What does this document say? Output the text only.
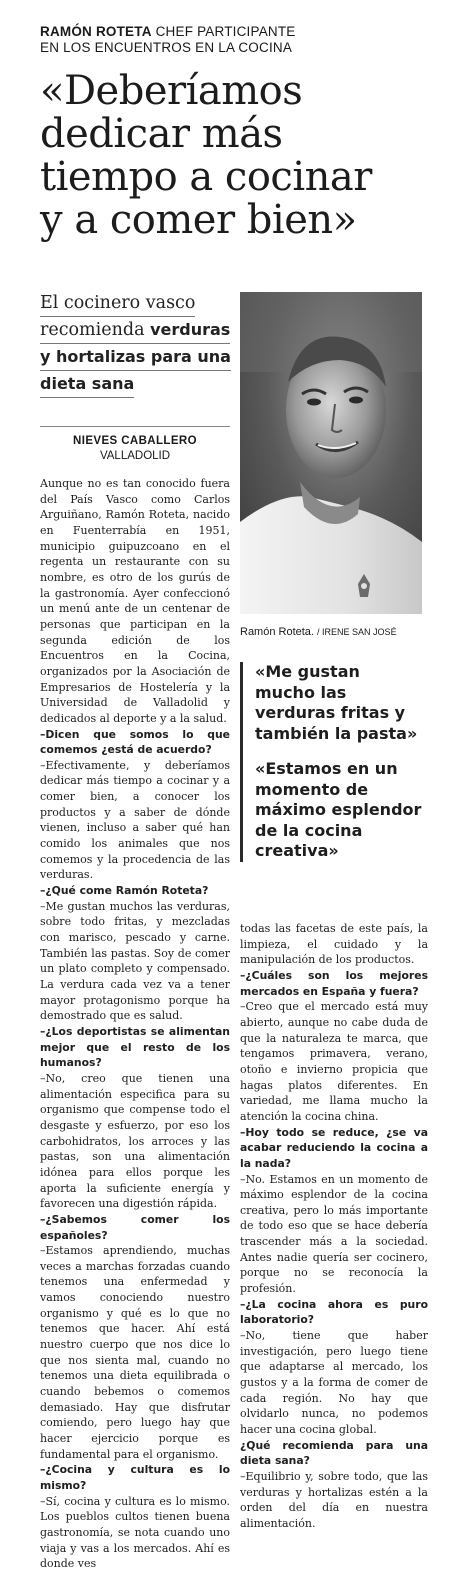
RAMÓN ROTETA CHEF PARTICIPANTE
EN LOS ENCUENTROS EN LA COCINA
«Deberíamos
dedicar más
tiempo a cocinar
y a comer bien»
El cocinero vasco
recomienda verduras
y hortalizas para una
dieta sana
NIEVES CABALLERO
VALLADOLID
Ramón Roteta. / IRENE SAN JOSÉ
«Me gustan
mucho las
verduras fritas y
también la pasta»
«Estamos en un
momento de
máximo esplendor
de la cocina
creativa»

Aunque no es tan conocido fuera del País Vasco como Carlos Arguiñano, Ramón Roteta, nacido en Fuenterrabía en 1951, municipio guipuzcoano en el regenta un restaurante con su nombre, es otro de los gurús de la gastronomía. Ayer confeccionó un menú ante de un centenar de personas que participan en la segunda edición de los Encuentros en la Cocina, organizados por la Asociación de Empresarios de Hostelería y la Universidad de Valladolid y dedicados al deporte y a la salud.

–Dicen que somos lo que comemos ¿está de acuerdo?

–Efectivamente, y deberíamos dedicar más tiempo a cocinar y a comer bien, a conocer los productos y a saber de dónde vienen, incluso a saber qué han comido los animales que nos comemos y la procedencia de las verduras.

–¿Qué come Ramón Roteta?

–Me gustan muchos las verduras, sobre todo fritas, y mezcladas con marisco, pescado y carne. También las pastas. Soy de comer un plato completo y compensado. La verdura cada vez va a tener mayor protagonismo porque ha demostrado que es salud.

–¿Los deportistas se alimentan mejor que el resto de los humanos?

–No, creo que tienen una alimentación especifica para su organismo que compense todo el desgaste y esfuerzo, por eso los carbohidratos, los arroces y las pastas, son una alimentación idónea para ellos porque les aporta la suficiente energía y favorecen una digestión rápida.

–¿Sabemos comer los españoles?

–Estamos aprendiendo, muchas veces a marchas forzadas cuando tenemos una enfermedad y vamos conociendo nuestro organismo y qué es lo que no tenemos que hacer. Ahí está nuestro cuerpo que nos dice lo que nos sienta mal, cuando no tenemos una dieta equilibrada o cuando bebemos o comemos demasiado. Hay que disfrutar comiendo, pero luego hay que hacer ejercicio porque es fundamental para el organismo.

–¿Cocina y cultura es lo mismo?

–Sí, cocina y cultura es lo mismo. Los pueblos cultos tienen buena gastronomía, se nota cuando uno viaja y vas a los mercados. Ahí es donde ves

todas las facetas de este país, la limpieza, el cuidado y la manipulación de los productos.

–¿Cuáles son los mejores mercados en España y fuera?

–Creo que el mercado está muy abierto, aunque no cabe duda de que la naturaleza te marca, que tengamos primavera, verano, otoño e invierno propicia que hagas platos diferentes. En variedad, me llama mucho la atención la cocina china.

–Hoy todo se reduce, ¿se va acabar reduciendo la cocina a la nada?

–No. Estamos en un momento de máximo esplendor de la cocina creativa, pero lo más importante de todo eso que se hace debería trascender más a la sociedad. Antes nadie quería ser cocinero, porque no se reconocía la profesión.

–¿La cocina ahora es puro laboratorio?

–No, tiene que haber investigación, pero luego tiene que adaptarse al mercado, los gustos y a la forma de comer de cada región. No hay que olvidarlo nunca, no podemos hacer una cocina global.

¿Qué recomienda para una dieta sana?

–Equilibrio y, sobre todo, que las verduras y hortalizas estén a la orden del día en nuestra alimentación.
